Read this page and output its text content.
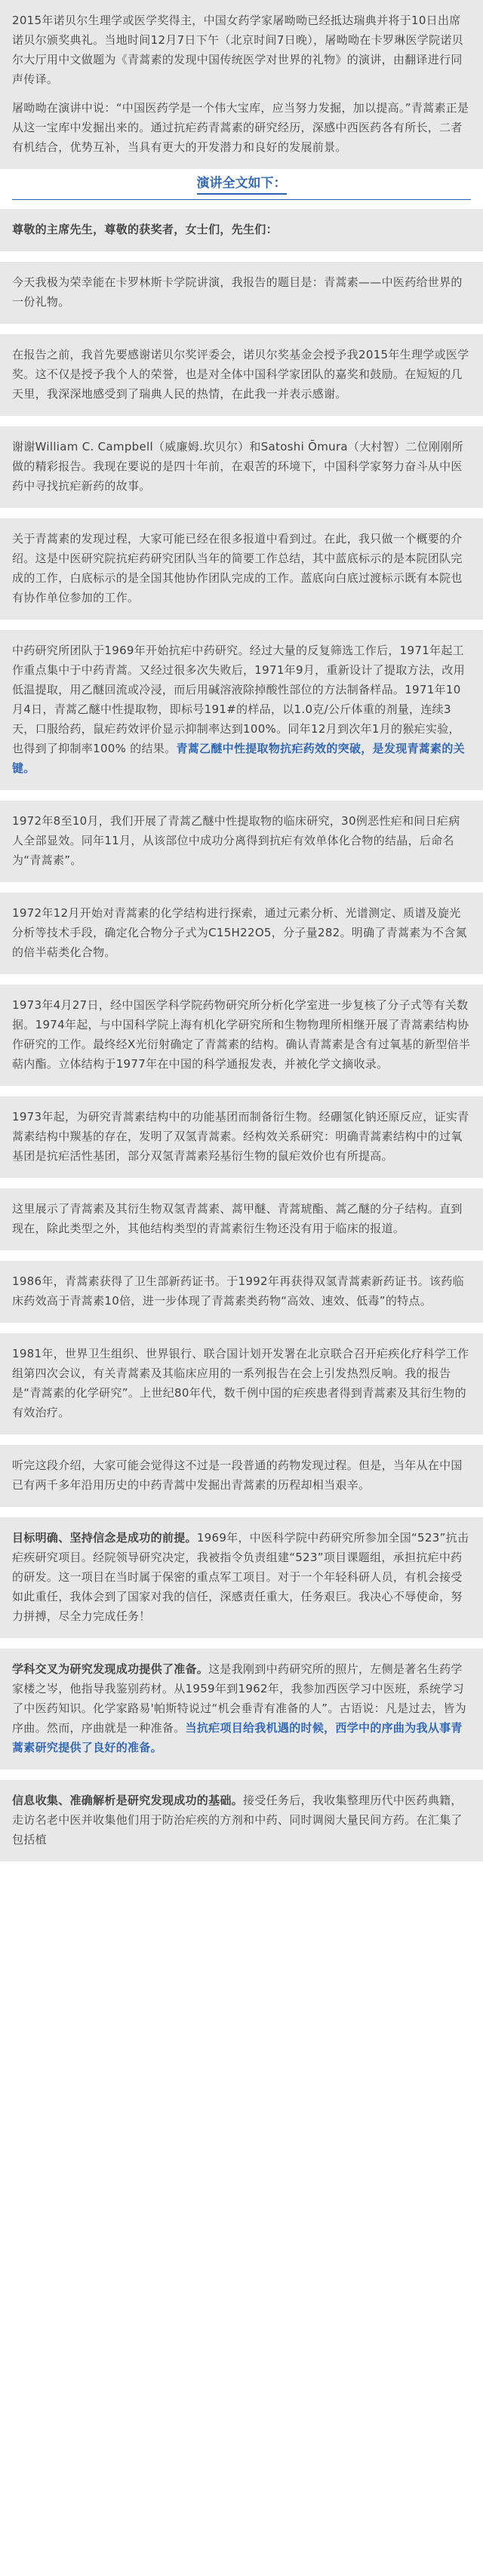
2015年诺贝尔生理学或医学奖得主，中国女药学家屠呦呦已经抵达瑞典并将于10日出席诺贝尔颁奖典礼。当地时间12月7日下午（北京时间7日晚），屠呦呦在卡罗琳医学院诺贝尔大厅用中文做题为《青蒿素的发现中国传统医学对世界的礼物》的演讲，由翻译进行同声传译。

屠呦呦在演讲中说：“中国医药学是一个伟大宝库，应当努力发掘，加以提高。”青蒿素正是从这一宝库中发掘出来的。通过抗疟药青蒿素的研究经历，深感中西医药各有所长，二者有机结合，优势互补，当具有更大的开发潜力和良好的发展前景。

演讲全文如下：

尊敬的主席先生，尊敬的获奖者，女士们，先生们：

今天我极为荣幸能在卡罗林斯卡学院讲演，我报告的题目是：青蒿素——中医药给世界的一份礼物。

在报告之前，我首先要感谢诺贝尔奖评委会，诺贝尔奖基金会授予我2015年生理学或医学奖。这不仅是授予我个人的荣誉，也是对全体中国科学家团队的嘉奖和鼓励。在短短的几天里，我深深地感受到了瑞典人民的热情，在此我一并表示感谢。

谢谢William C. Campbell（威廉姆.坎贝尔）和Satoshi Ōmura（大村智）二位刚刚所做的精彩报告。我现在要说的是四十年前，在艰苦的环境下，中国科学家努力奋斗从中医药中寻找抗疟新药的故事。

关于青蒿素的发现过程，大家可能已经在很多报道中看到过。在此，我只做一个概要的介绍。这是中医研究院抗疟药研究团队当年的简要工作总结，其中蓝底标示的是本院团队完成的工作，白底标示的是全国其他协作团队完成的工作。蓝底向白底过渡标示既有本院也有协作单位参加的工作。

中药研究所团队于1969年开始抗疟中药研究。经过大量的反复筛选工作后，1971年起工作重点集中于中药青蒿。又经过很多次失败后，1971年9月，重新设计了提取方法，改用低温提取，用乙醚回流或冷浸，而后用碱溶液除掉酸性部位的方法制备样品。1971年10月4日，青蒿乙醚中性提取物，即标号191#的样品，以1.0克/公斤体重的剂量，连续3天，口服给药，鼠疟药效评价显示抑制率达到100%。同年12月到次年1月的猴疟实验，也得到了抑制率100% 的结果。青蒿乙醚中性提取物抗疟药效的突破，是发现青蒿素的关键。

1972年8至10月，我们开展了青蒿乙醚中性提取物的临床研究，30例恶性疟和间日疟病人全部显效。同年11月，从该部位中成功分离得到抗疟有效单体化合物的结晶，后命名为“青蒿素”。

1972年12月开始对青蒿素的化学结构进行探索，通过元素分析、光谱测定、质谱及旋光分析等技术手段，确定化合物分子式为C15H22O5，分子量282。明确了青蒿素为不含氮的倍半萜类化合物。

1973年4月27日，经中国医学科学院药物研究所分析化学室进一步复核了分子式等有关数据。1974年起，与中国科学院上海有机化学研究所和生物物理所相继开展了青蒿素结构协作研究的工作。最终经X光衍射确定了青蒿素的结构。确认青蒿素是含有过氧基的新型倍半萜内酯。立体结构于1977年在中国的科学通报发表，并被化学文摘收录。

1973年起，为研究青蒿素结构中的功能基团而制备衍生物。经硼氢化钠还原反应，证实青蒿素结构中羰基的存在，发明了双氢青蒿素。经构效关系研究：明确青蒿素结构中的过氧基团是抗疟活性基团，部分双氢青蒿素羟基衍生物的鼠疟效价也有所提高。

这里展示了青蒿素及其衍生物双氢青蒿素、蒿甲醚、青蒿琥酯、蒿乙醚的分子结构。直到现在，除此类型之外，其他结构类型的青蒿素衍生物还没有用于临床的报道。

1986年，青蒿素获得了卫生部新药证书。于1992年再获得双氢青蒿素新药证书。该药临床药效高于青蒿素10倍，进一步体现了青蒿素类药物“高效、速效、低毒”的特点。

1981年，世界卫生组织、世界银行、联合国计划开发署在北京联合召开疟疾化疗科学工作组第四次会议，有关青蒿素及其临床应用的一系列报告在会上引发热烈反响。我的报告是“青蒿素的化学研究”。上世纪80年代，数千例中国的疟疾患者得到青蒿素及其衍生物的有效治疗。

听完这段介绍，大家可能会觉得这不过是一段普通的药物发现过程。但是，当年从在中国已有两千多年沿用历史的中药青蒿中发掘出青蒿素的历程却相当艰辛。

目标明确、坚持信念是成功的前提。1969年，中医科学院中药研究所参加全国“523”抗击疟疾研究项目。经院领导研究决定，我被指令负责组建“523”项目课题组，承担抗疟中药的研发。这一项目在当时属于保密的重点军工项目。对于一个年轻科研人员，有机会接受如此重任，我体会到了国家对我的信任，深感责任重大，任务艰巨。我决心不辱使命，努力拼搏，尽全力完成任务！

学科交叉为研究发现成功提供了准备。这是我刚到中药研究所的照片，左侧是著名生药学家楼之岑，他指导我鉴别药材。从1959年到1962年，我参加西医学习中医班，系统学习了中医药知识。化学家路易'帕斯特说过“机会垂青有准备的人”。古语说：凡是过去，皆为序曲。然而，序曲就是一种准备。当抗疟项目给我机遇的时候，西学中的序曲为我从事青蒿素研究提供了良好的准备。

信息收集、准确解析是研究发现成功的基础。接受任务后，我收集整理历代中医药典籍，走访名老中医并收集他们用于防治疟疾的方剂和中药、同时调阅大量民间方药。在汇集了包括植
